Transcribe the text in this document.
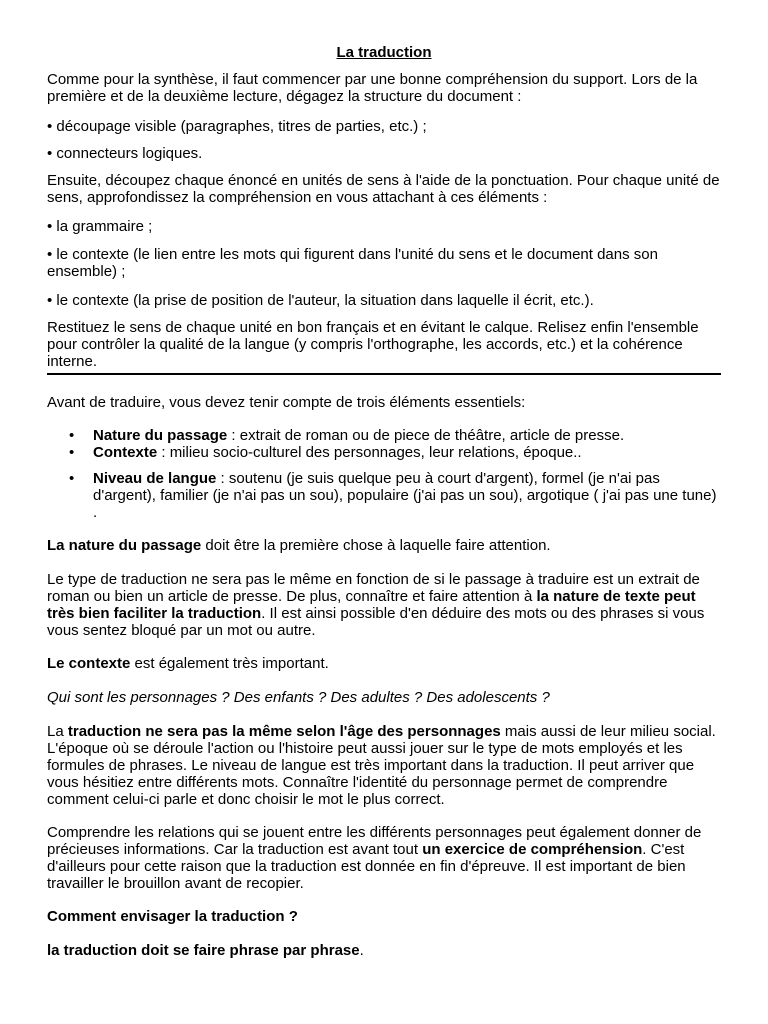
La traduction

Comme pour la synthèse, il faut commencer par une bonne compréhension du support. Lors de la première et de la deuxième lecture, dégagez la structure du document :

• découpage visible (paragraphes, titres de parties, etc.) ;

• connecteurs logiques.

Ensuite, découpez chaque énoncé en unités de sens à l'aide de la ponctuation. Pour chaque unité de sens, approfondissez la compréhension en vous attachant à ces éléments :

• la grammaire ;

• le contexte (le lien entre les mots qui figurent dans l'unité du sens et le document dans son ensemble) ;

• le contexte (la prise de position de l'auteur, la situation dans laquelle il écrit, etc.).

Restituez le sens de chaque unité en bon français et en évitant le calque. Relisez enfin l'ensemble pour contrôler la qualité de la langue (y compris l'orthographe, les accords, etc.) et la cohérence interne.

Avant de traduire, vous devez tenir compte de trois éléments essentiels:

• Nature du passage : extrait de roman ou de piece de théâtre, article de presse.
• Contexte : milieu socio-culturel des personnages, leur relations, époque..
• Niveau de langue : soutenu (je suis quelque peu à court d'argent), formel (je n'ai pas d'argent), familier (je n'ai pas un sou), populaire (j'ai pas un sou), argotique ( j'ai pas une tune) .

La nature du passage doit être la première chose à laquelle faire attention.

Le type de traduction ne sera pas le même en fonction de si le passage à traduire est un extrait de roman ou bien un article de presse. De plus, connaître et faire attention à la nature de texte peut très bien faciliter la traduction. Il est ainsi possible d'en déduire des mots ou des phrases si vous vous sentez bloqué par un mot ou autre.

Le contexte est également très important.

Qui sont les personnages ? Des enfants ? Des adultes ? Des adolescents ?

La traduction ne sera pas la même selon l'âge des personnages mais aussi de leur milieu social. L'époque où se déroule l'action ou l'histoire peut aussi jouer sur le type de mots employés et les formules de phrases. Le niveau de langue est très important dans la traduction. Il peut arriver que vous hésitiez entre différents mots. Connaître l'identité du personnage permet de comprendre comment celui-ci parle et donc choisir le mot le plus correct.

Comprendre les relations qui se jouent entre les différents personnages peut également donner de précieuses informations. Car la traduction est avant tout un exercice de compréhension. C'est d'ailleurs pour cette raison que la traduction est donnée en fin d'épreuve. Il est important de bien travailler le brouillon avant de recopier.

Comment envisager la traduction ?

la traduction doit se faire phrase par phrase.
